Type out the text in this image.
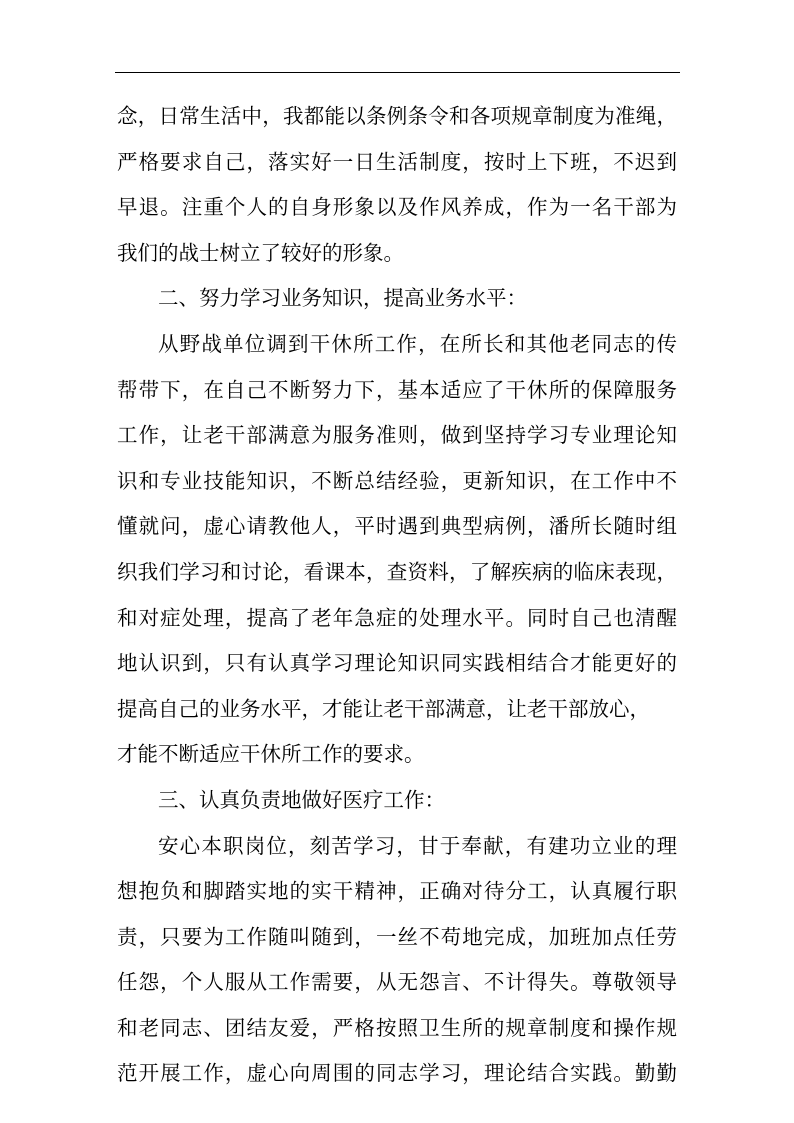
念，日常生活中，我都能以条例条令和各项规章制度为准绳，
严格要求自己，落实好一日生活制度，按时上下班，不迟到
早退。注重个人的自身形象以及作风养成，作为一名干部为
我们的战士树立了较好的形象。
二、努力学习业务知识，提高业务水平：
从野战单位调到干休所工作，在所长和其他老同志的传
帮带下，在自己不断努力下，基本适应了干休所的保障服务
工作，让老干部满意为服务准则，做到坚持学习专业理论知
识和专业技能知识，不断总结经验，更新知识，在工作中不
懂就问，虚心请教他人，平时遇到典型病例，潘所长随时组
织我们学习和讨论，看课本，查资料，了解疾病的临床表现，
和对症处理，提高了老年急症的处理水平。同时自己也清醒
地认识到，只有认真学习理论知识同实践相结合才能更好的
提高自己的业务水平，才能让老干部满意，让老干部放心，
才能不断适应干休所工作的要求。
三、认真负责地做好医疗工作：
安心本职岗位，刻苦学习，甘于奉献，有建功立业的理
想抱负和脚踏实地的实干精神，正确对待分工，认真履行职
责，只要为工作随叫随到，一丝不苟地完成，加班加点任劳
任怨，个人服从工作需要，从无怨言、不计得失。尊敬领导
和老同志、团结友爱，严格按照卫生所的规章制度和操作规
范开展工作，虚心向周围的同志学习，理论结合实践。勤勤
